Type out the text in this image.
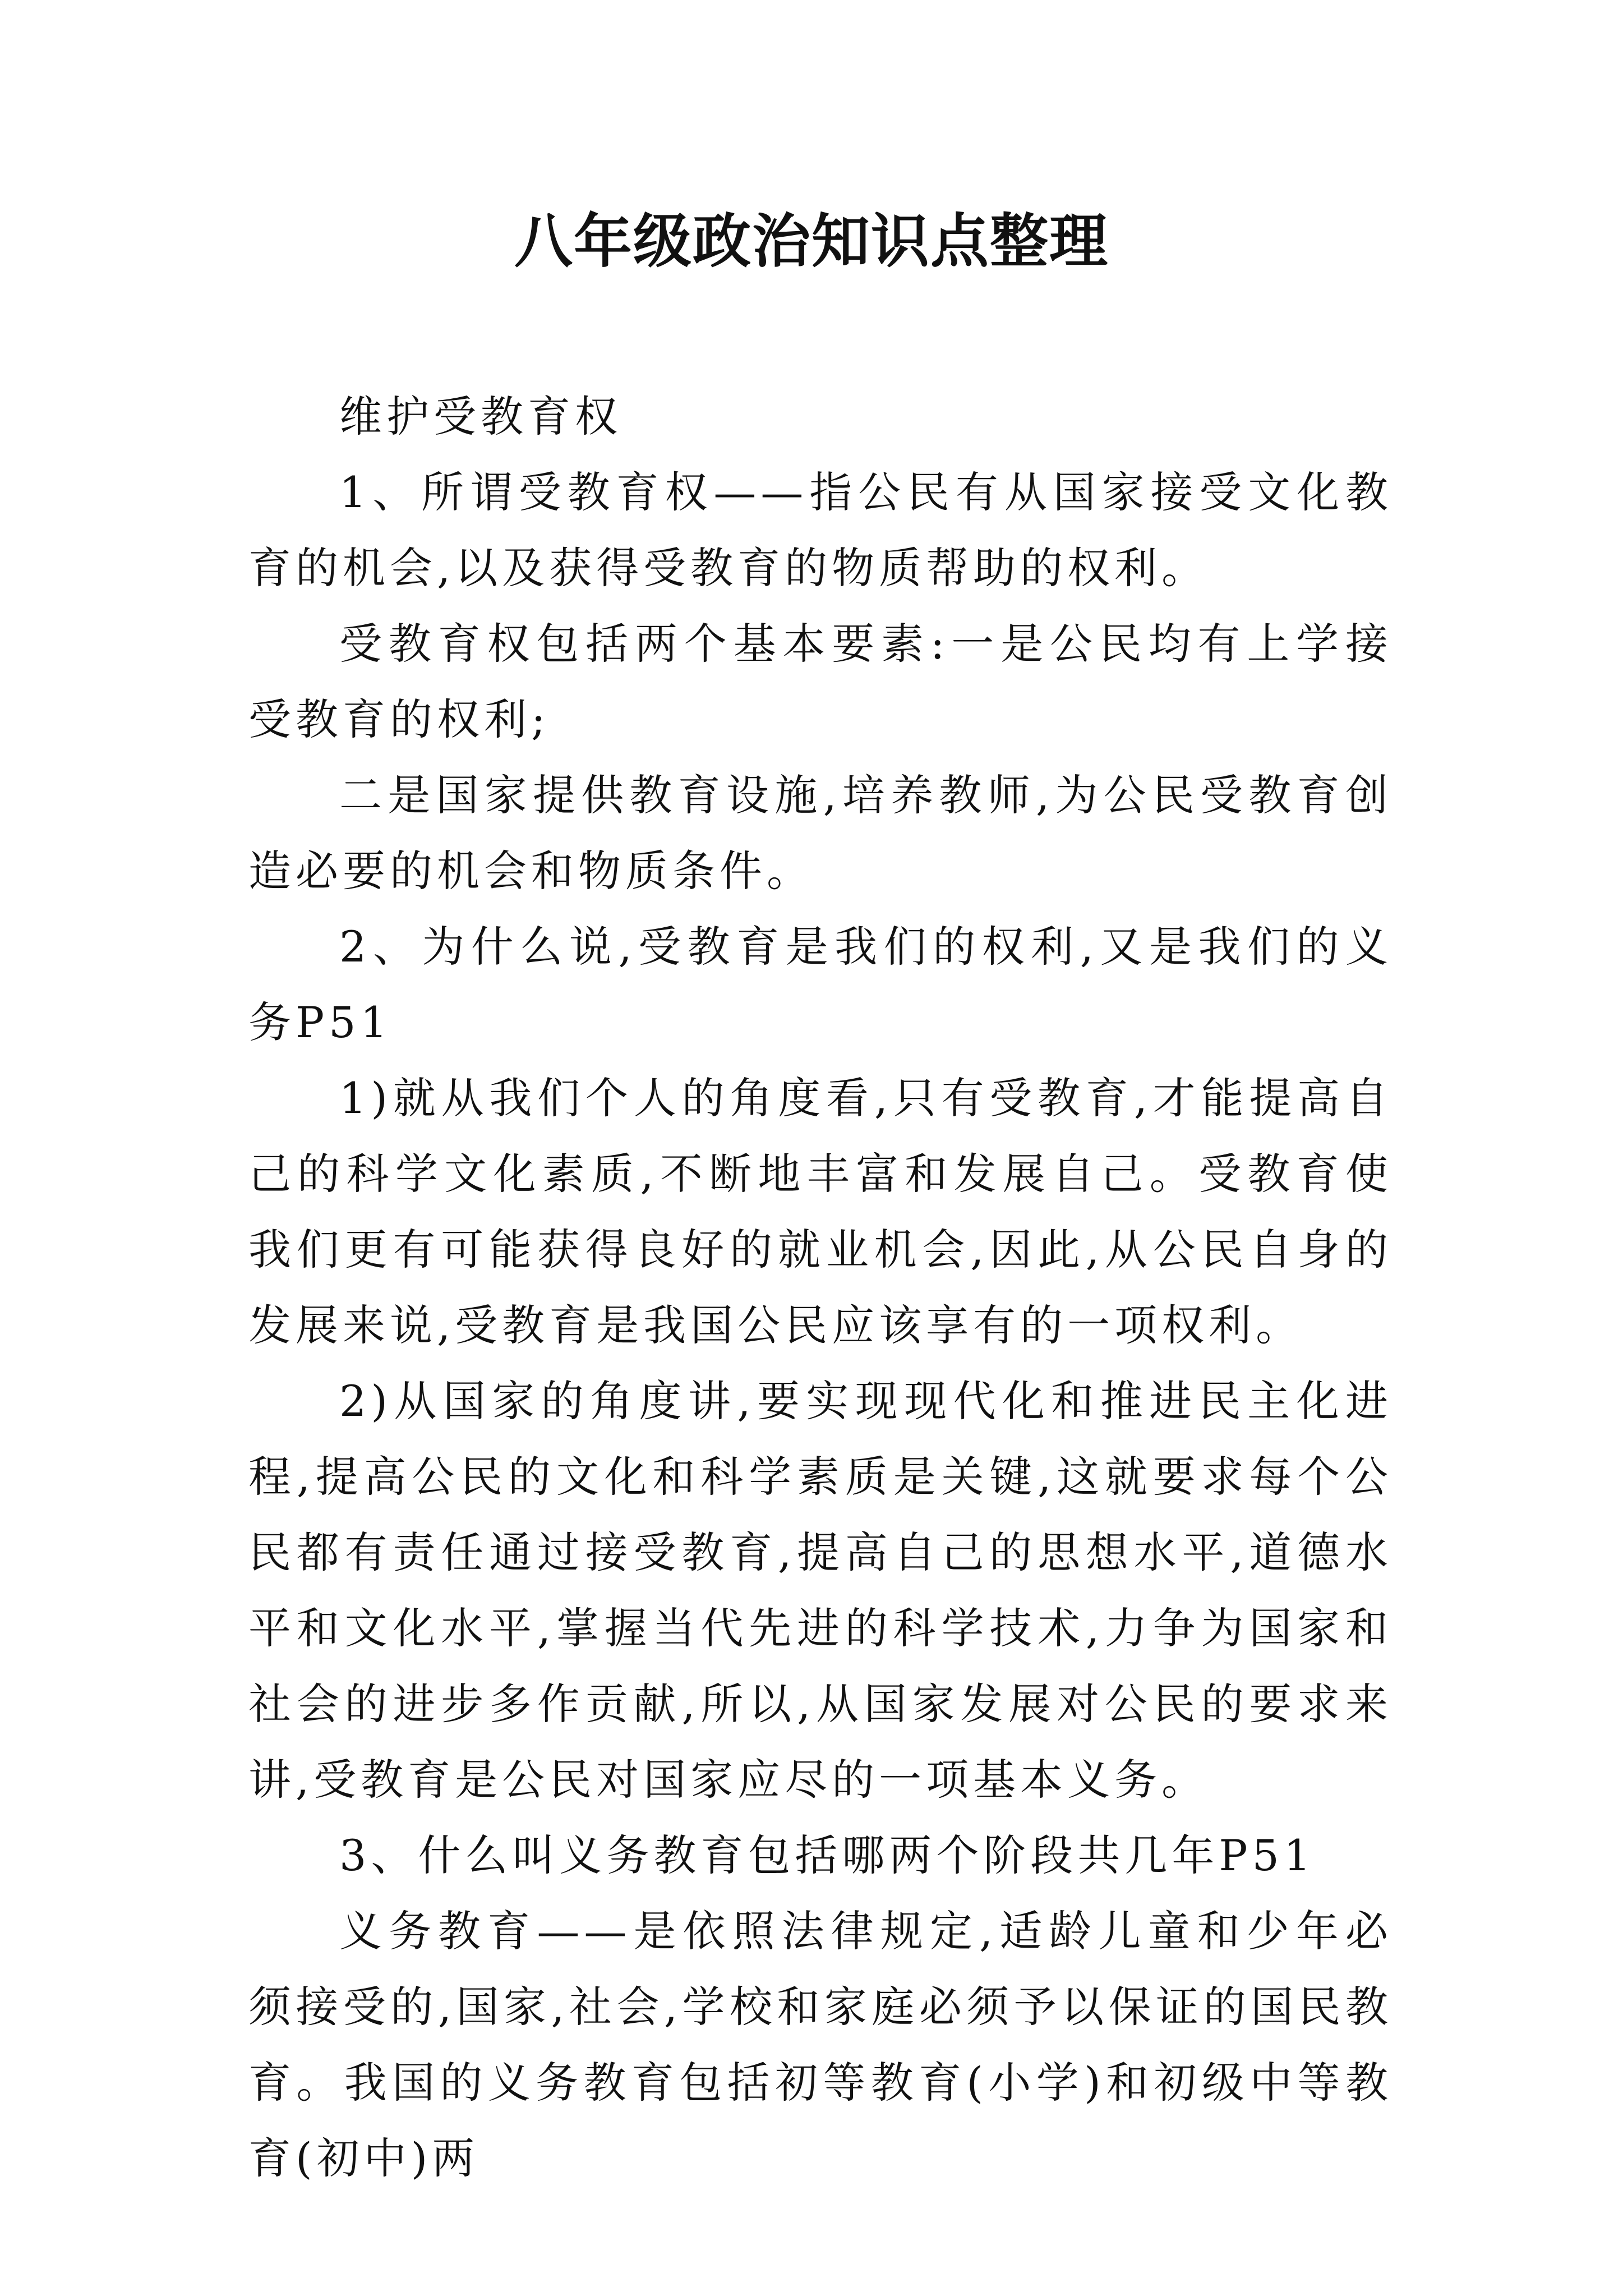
八年级政治知识点整理

维护受教育权

1、所谓受教育权——指公民有从国家接受文化教育的机会,以及获得受教育的物质帮助的权利。

受教育权包括两个基本要素:一是公民均有上学接受教育的权利;

二是国家提供教育设施,培养教师,为公民受教育创造必要的机会和物质条件。

2、为什么说,受教育是我们的权利,又是我们的义务P51

1)就从我们个人的角度看,只有受教育,才能提高自己的科学文化素质,不断地丰富和发展自己。受教育使我们更有可能获得良好的就业机会,因此,从公民自身的发展来说,受教育是我国公民应该享有的一项权利。

2)从国家的角度讲,要实现现代化和推进民主化进程,提高公民的文化和科学素质是关键,这就要求每个公民都有责任通过接受教育,提高自己的思想水平,道德水平和文化水平,掌握当代先进的科学技术,力争为国家和社会的进步多作贡献,所以,从国家发展对公民的要求来讲,受教育是公民对国家应尽的一项基本义务。

3、什么叫义务教育包括哪两个阶段共几年P51

义务教育——是依照法律规定,适龄儿童和少年必须接受的,国家,社会,学校和家庭必须予以保证的国民教育。我国的义务教育包括初等教育(小学)和初级中等教育(初中)两
